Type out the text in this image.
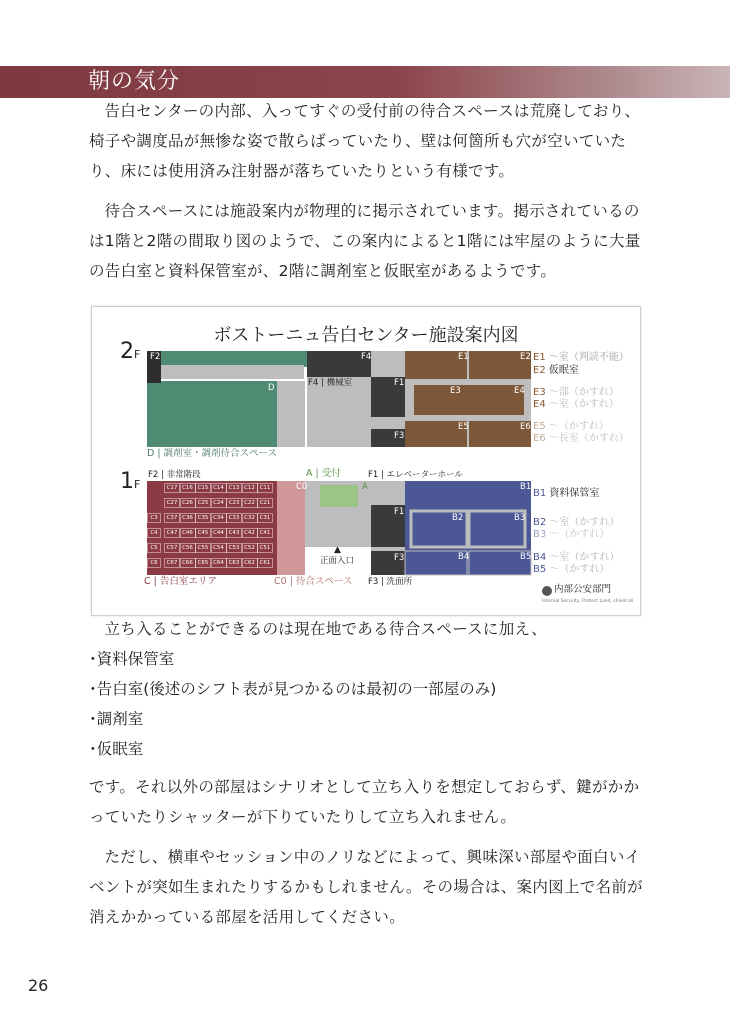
朝の気分

告白センターの内部、入ってすぐの受付前の待合スペースは荒廃しており、椅子や調度品が無惨な姿で散らばっていたり、壁は何箇所も穴が空いていたり、床には使用済み注射器が落ちていたりという有様です。

待合スペースには施設案内が物理的に掲示されています。掲示されているのは1階と2階の間取り図のようで、この案内によると1階には牢屋のように大量の告白室と資料保管室が、2階に調剤室と仮眠室があるようです。

ボストーニュ告白センター施設案内図
2F
1F
F2
D
F4
F4 | 機械室	F1
F3
E1	E2
E3	E4
E5	E6
D | 調剤室・調剤待合スペース
E1 〜室（判読不能）
E2 仮眠室
E3 〜部（かすれ）
E4 〜室（かすれ）
E5 〜（かすれ）
E6 〜長室（かすれ）
F2 | 非常階段
C0
A | 受付
A
F1 | エレベーターホール
F1
F3
B1
B2	B3
B4	B5
▲
正面入口
C | 告白室エリア	C0 | 待合スペース F3 | 洗面所
B1 資料保管室
B2 〜室（かすれ）
B3 〜（かすれ）
B4 〜室（かすれ）
B5 〜（かすれ）
内部公安部門
Internal Security, Protect Land, shield all
C17 C16 C15 C14 C13 C12 C11
C27 C26 C25 C24 C23 C22 C21
C37 C36 C35 C34 C33 C32 C31
C47 C46 C45 C44 C43 C42 C41
C57 C56 C55 C54 C53 C52 C51
C67 C66 C65 C64 C63 C62 C61
C3
C4
C5
C6

立ち入ることができるのは現在地である待合スペースに加え、

･資料保管室
･告白室(後述のシフト表が見つかるのは最初の一部屋のみ)
･調剤室
･仮眠室

です。それ以外の部屋はシナリオとして立ち入りを想定しておらず、鍵がかかっていたりシャッターが下りていたりして立ち入れません。

ただし、横車やセッション中のノリなどによって、興味深い部屋や面白いイベントが突如生まれたりするかもしれません。その場合は、案内図上で名前が消えかかっている部屋を活用してください。

26
